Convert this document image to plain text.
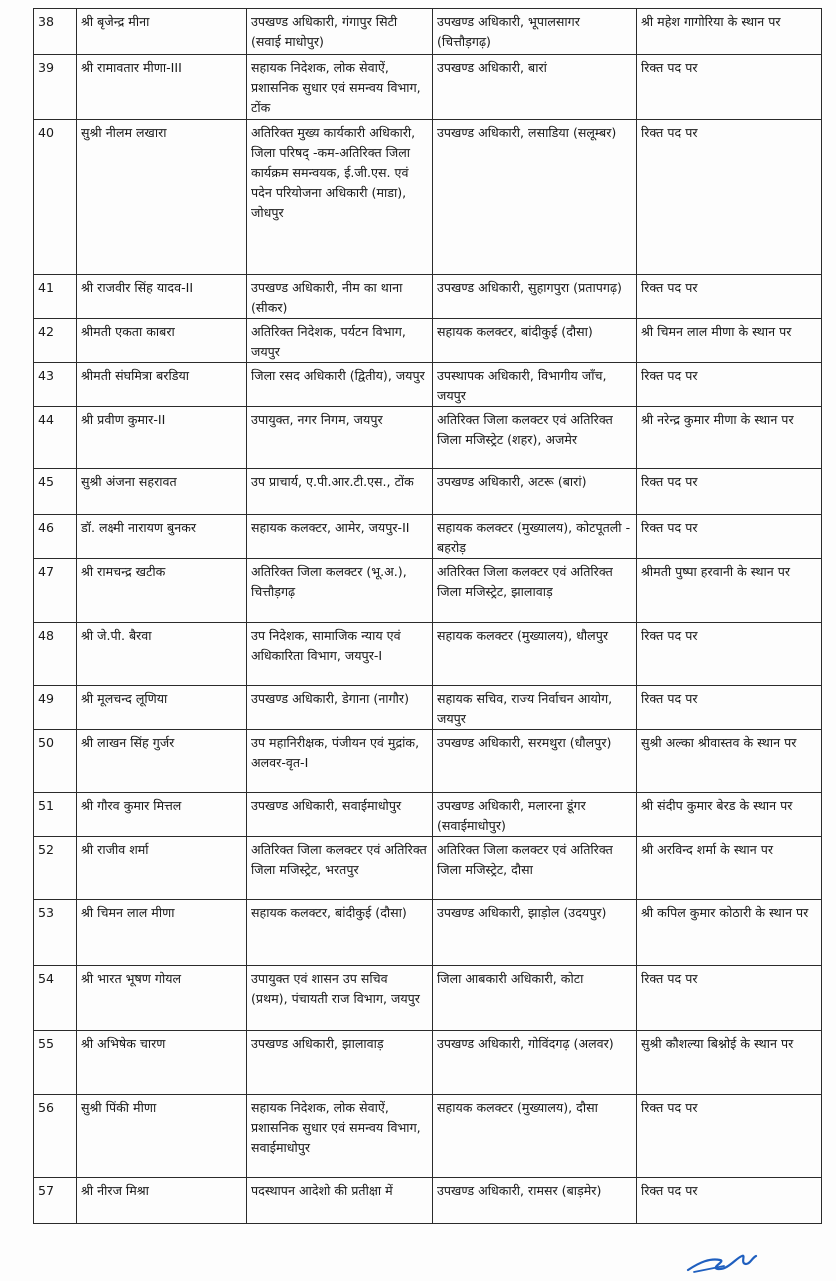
38	श्री बृजेन्द्र मीना	उपखण्ड अधिकारी, गंगापुर सिटी (सवाई माधोपुर)	उपखण्ड अधिकारी, भूपालसागर (चित्तौड़गढ़)	श्री महेश गागोरिया के स्थान पर
39	श्री रामावतार मीणा-III	सहायक निदेशक, लोक सेवाऐं, प्रशासनिक सुधार एवं समन्वय विभाग, टोंक	उपखण्ड अधिकारी, बारां	रिक्त पद पर
40	सुश्री नीलम लखारा	अतिरिक्त मुख्य कार्यकारी अधिकारी, जिला परिषद् -कम-अतिरिक्त जिला कार्यक्रम समन्वयक, ई.जी.एस. एवं पदेन परियोजना अधिकारी (माडा), जोधपुर	उपखण्ड अधिकारी, लसाडिया (सलूम्बर)	रिक्त पद पर
41	श्री राजवीर सिंह यादव-II	उपखण्ड अधिकारी, नीम का थाना (सीकर)	उपखण्ड अधिकारी, सुहागपुरा (प्रतापगढ़)	रिक्त पद पर
42	श्रीमती एकता काबरा	अतिरिक्त निदेशक, पर्यटन विभाग, जयपुर	सहायक कलक्टर, बांदीकुई (दौसा)	श्री चिमन लाल मीणा के स्थान पर
43	श्रीमती संघमित्रा बरडिया	जिला रसद अधिकारी (द्वितीय), जयपुर	उपस्थापक अधिकारी, विभागीय जाँच, जयपुर	रिक्त पद पर
44	श्री प्रवीण कुमार-II	उपायुक्त, नगर निगम, जयपुर	अतिरिक्त जिला कलक्टर एवं अतिरिक्त जिला मजिस्ट्रेट (शहर), अजमेर	श्री नरेन्द्र कुमार मीणा के स्थान पर
45	सुश्री अंजना सहरावत	उप प्राचार्य, ए.पी.आर.टी.एस., टोंक	उपखण्ड अधिकारी, अटरू (बारां)	रिक्त पद पर
46	डॉ. लक्ष्मी नारायण बुनकर	सहायक कलक्टर, आमेर, जयपुर-II	सहायक कलक्टर (मुख्यालय), कोटपूतली - बहरोड़	रिक्त पद पर
47	श्री रामचन्द्र खटीक	अतिरिक्त जिला कलक्टर (भू.अ.), चित्तौड़गढ़	अतिरिक्त जिला कलक्टर एवं अतिरिक्त जिला मजिस्ट्रेट, झालावाड़	श्रीमती पुष्पा हरवानी के स्थान पर
48	श्री जे.पी. बैरवा	उप निदेशक, सामाजिक न्याय एवं अधिकारिता विभाग, जयपुर-I	सहायक कलक्टर (मुख्यालय), धौलपुर	रिक्त पद पर
49	श्री मूलचन्द लूणिया	उपखण्ड अधिकारी, डेगाना (नागौर)	सहायक सचिव, राज्य निर्वाचन आयोग, जयपुर	रिक्त पद पर
50	श्री लाखन सिंह गुर्जर	उप महानिरीक्षक, पंजीयन एवं मुद्रांक, अलवर-वृत-I	उपखण्ड अधिकारी, सरमथुरा (धौलपुर)	सुश्री अल्का श्रीवास्तव के स्थान पर
51	श्री गौरव कुमार मित्तल	उपखण्ड अधिकारी, सवाईमाधोपुर	उपखण्ड अधिकारी, मलारना डूंगर (सवाईमाधोपुर)	श्री संदीप कुमार बेरड के स्थान पर
52	श्री राजीव शर्मा	अतिरिक्त जिला कलक्टर एवं अतिरिक्त जिला मजिस्ट्रेट, भरतपुर	अतिरिक्त जिला कलक्टर एवं अतिरिक्त जिला मजिस्ट्रेट, दौसा	श्री अरविन्द शर्मा के स्थान पर
53	श्री चिमन लाल मीणा	सहायक कलक्टर, बांदीकुई (दौसा)	उपखण्ड अधिकारी, झाड़ोल (उदयपुर)	श्री कपिल कुमार कोठारी के स्थान पर
54	श्री भारत भूषण गोयल	उपायुक्त एवं शासन उप सचिव (प्रथम), पंचायती राज विभाग, जयपुर	जिला आबकारी अधिकारी, कोटा	रिक्त पद पर
55	श्री अभिषेक चारण	उपखण्ड अधिकारी, झालावाड़	उपखण्ड अधिकारी, गोविंदगढ़ (अलवर)	सुश्री कौशल्या बिश्नोई के स्थान पर
56	सुश्री पिंकी मीणा	सहायक निदेशक, लोक सेवाऐं, प्रशासनिक सुधार एवं समन्वय विभाग, सवाईमाधोपुर	सहायक कलक्टर (मुख्यालय), दौसा	रिक्त पद पर
57	श्री नीरज मिश्रा	पदस्थापन आदेशो की प्रतीक्षा में	उपखण्ड अधिकारी, रामसर (बाड़मेर)	रिक्त पद पर
